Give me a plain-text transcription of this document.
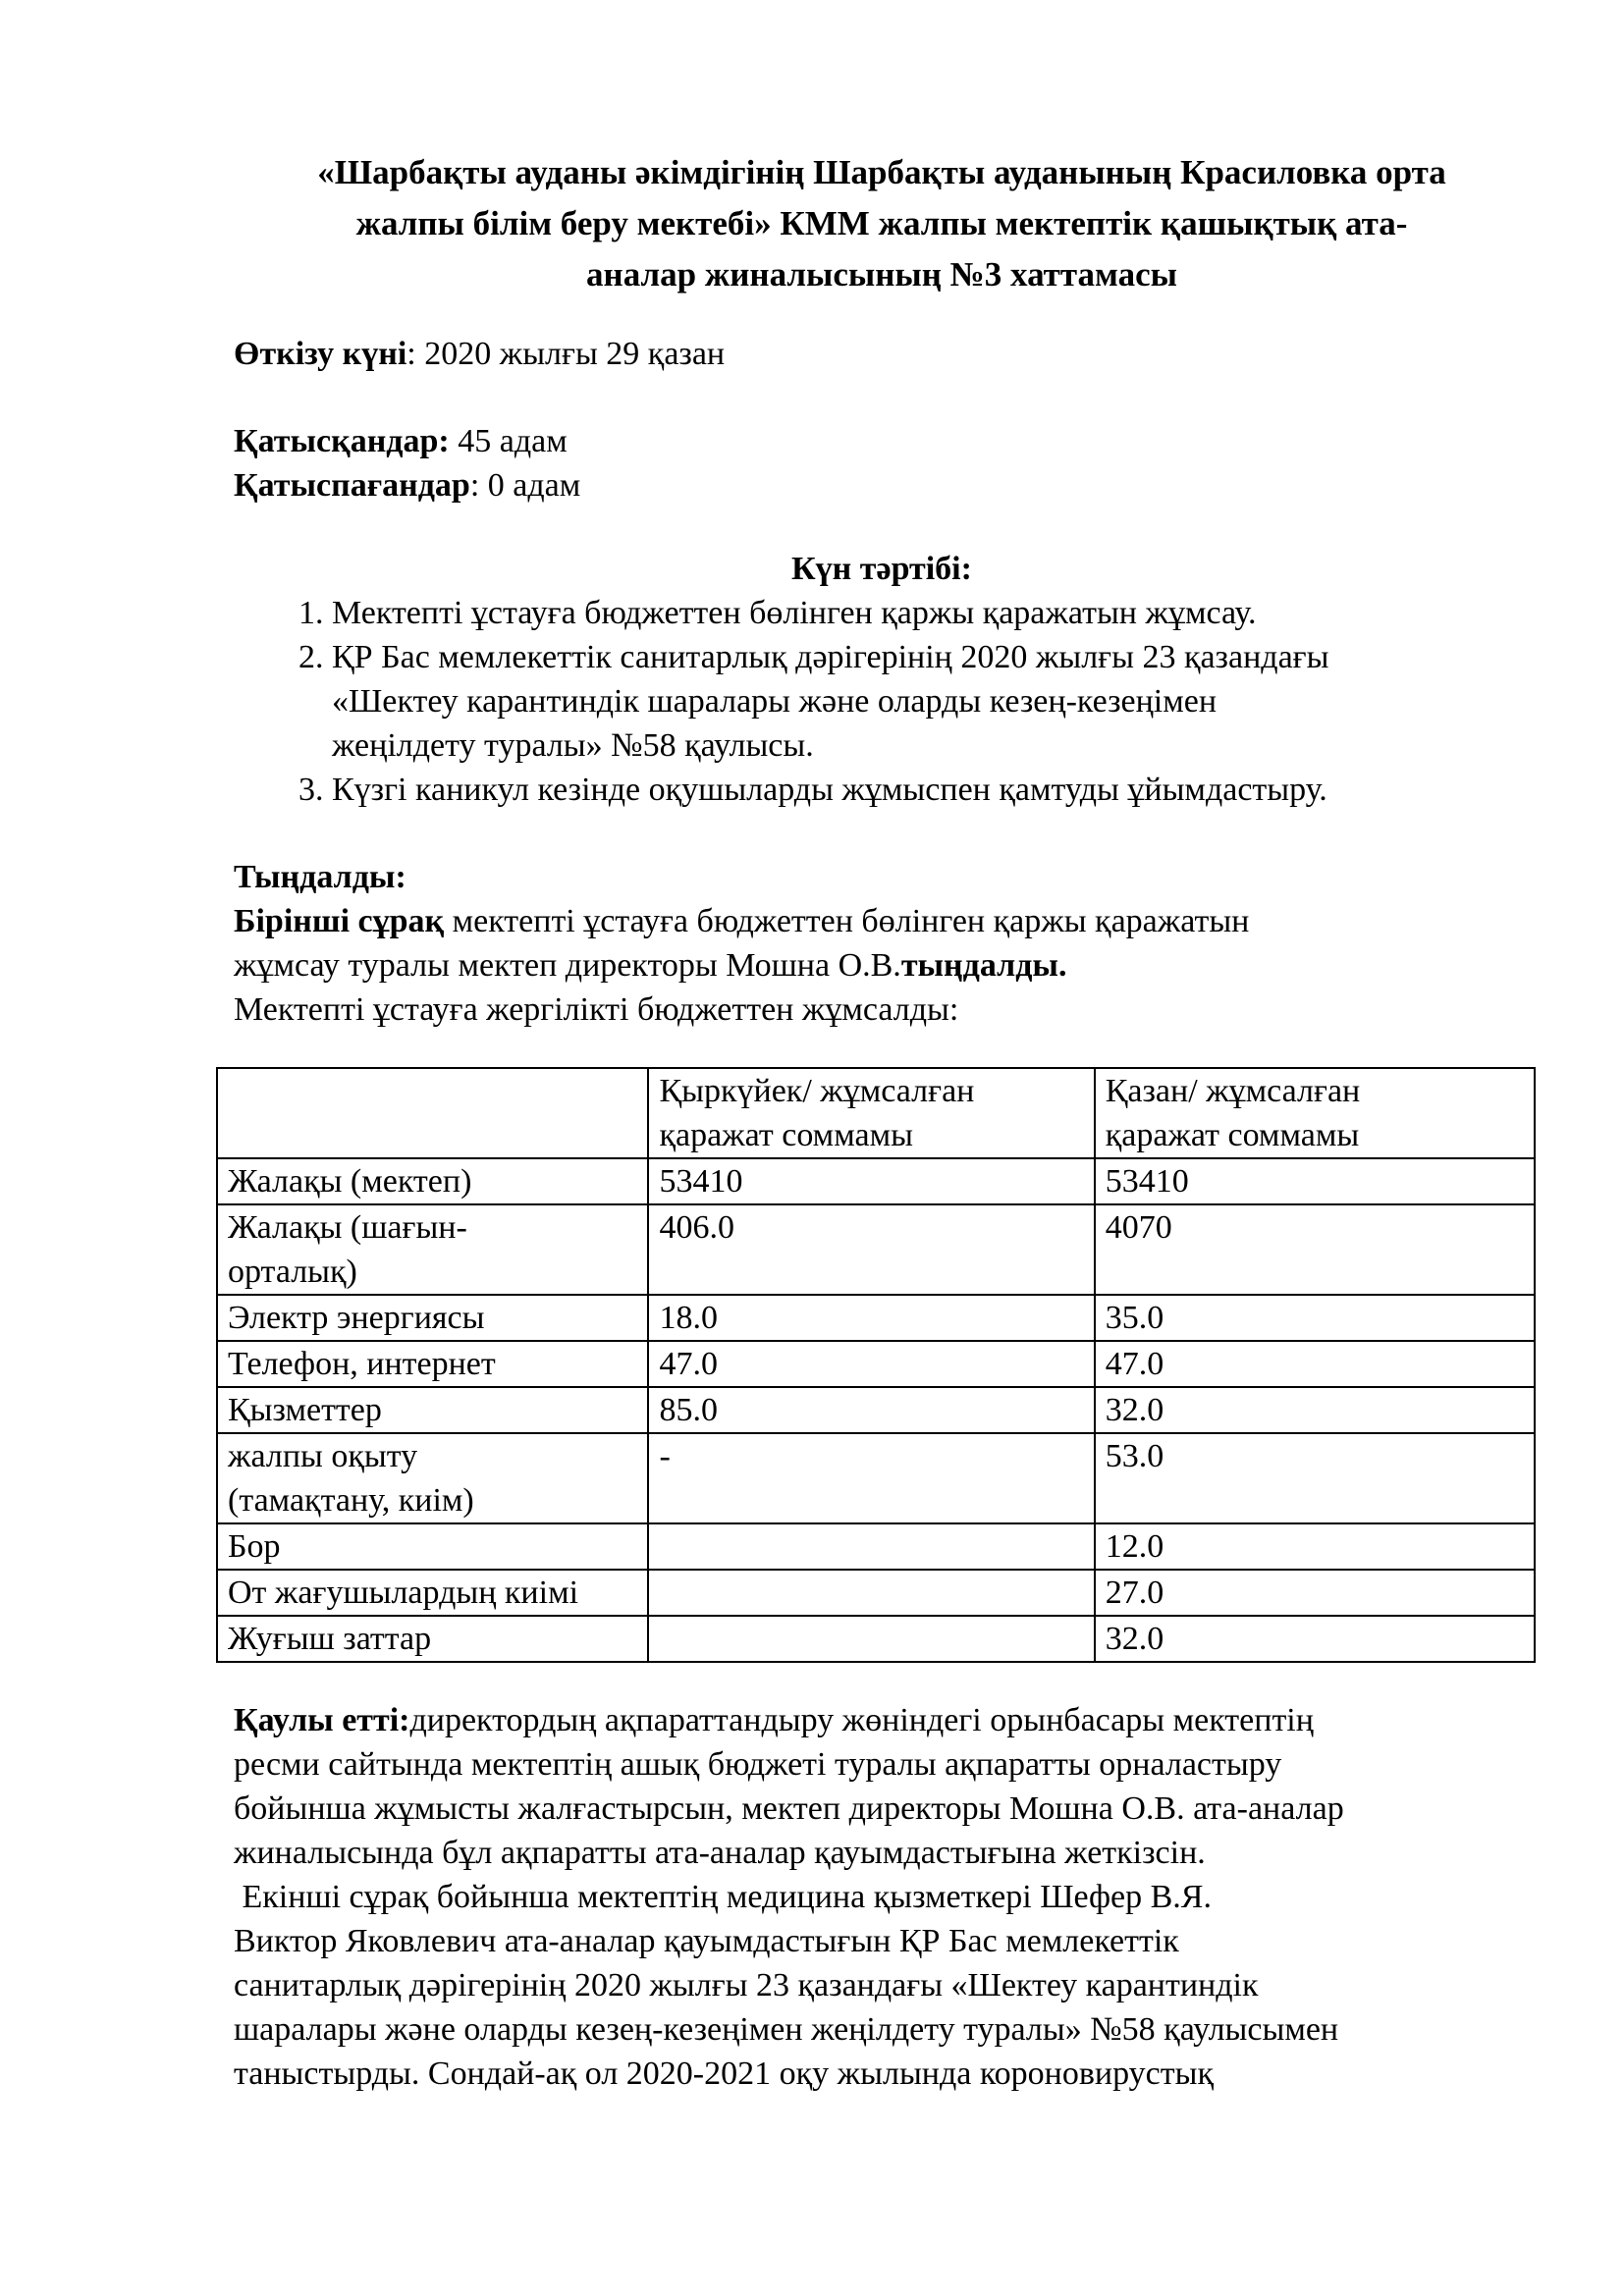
«Шарбақты ауданы әкімдігінің Шарбақты ауданының Красиловка орта
жалпы білім беру мектебі» КММ жалпы мектептік қашықтық ата-
аналар жиналысының №3 хаттамасы

Өткізу күні: 2020 жылғы 29 қазан

Қатысқандар: 45 адам

Қатыспағандар: 0 адам

Күн тәртібі:

1. Мектепті ұстауға бюджеттен бөлінген қаржы қаражатын жұмсау.
2. ҚР Бас мемлекеттік санитарлық дәрігерінің 2020 жылғы 23 қазандағы
«Шектеу карантиндік шаралары және оларды кезең-кезеңімен
жеңілдету туралы» №58 қаулысы.
3. Күзгі каникул кезінде оқушыларды жұмыспен қамтуды ұйымдастыру.

Тыңдалды:

Бірінші сұрақ мектепті ұстауға бюджеттен бөлінген қаржы қаражатын

жұмсау туралы мектеп директоры Мошна О.В.тыңдалды.

Мектепті ұстауға жергілікті бюджеттен жұмсалды:

	Қыркүйек/ жұмсалған
қаражат соммамы	Қазан/ жұмсалған
қаражат соммамы

Жалақы (мектеп)	53410	53410

Жалақы (шағын-
орталық)	406.0	4070

Электр энергиясы	18.0	35.0

Телефон, интернет	47.0	47.0

Қызметтер	85.0	32.0

жалпы оқыту
(тамақтану, киім)	-	53.0

Бор		12.0

От жағушылардың киімі		27.0

Жуғыш заттар		32.0
Қаулы етті:директордың ақпараттандыру жөніндегі орынбасары мектептің
ресми сайтында мектептің ашық бюджеті туралы ақпаратты орналастыру
бойынша жұмысты жалғастырсын, мектеп директоры Мошна О.В. ата-аналар
жиналысында бұл ақпаратты ата-аналар қауымдастығына жеткізсін.
Екінші сұрақ бойынша мектептің медицина қызметкері Шефер В.Я.
Виктор Яковлевич ата-аналар қауымдастығын ҚР Бас мемлекеттік
санитарлық дәрігерінің 2020 жылғы 23 қазандағы «Шектеу карантиндік
шаралары және оларды кезең-кезеңімен жеңілдету туралы» №58 қаулысымен
таныстырды. Сондай-ақ ол 2020-2021 оқу жылында короновирустық
